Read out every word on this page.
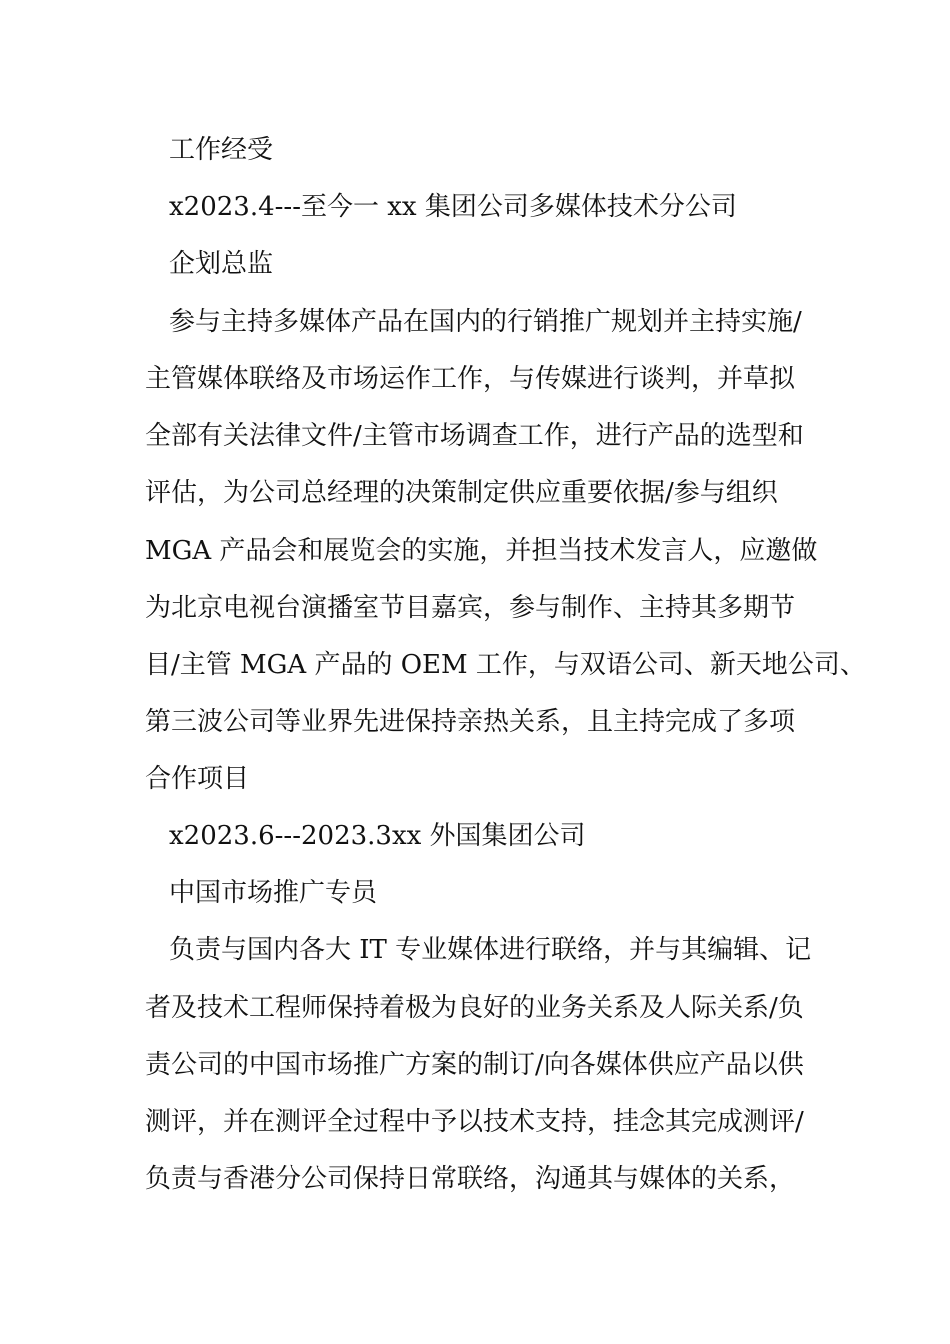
工作经受
x2023.4---至今一 xx 集团公司多媒体技术分公司
企划总监
参与主持多媒体产品在国内的行销推广规划并主持实施/
主管媒体联络及市场运作工作，与传媒进行谈判，并草拟
全部有关法律文件/主管市场调查工作，进行产品的选型和
评估，为公司总经理的决策制定供应重要依据/参与组织
MGA 产品会和展览会的实施，并担当技术发言人，应邀做
为北京电视台演播室节目嘉宾，参与制作、主持其多期节
目/主管 MGA 产品的 OEM 工作，与双语公司、新天地公司、
第三波公司等业界先进保持亲热关系，且主持完成了多项
合作项目
x2023.6---2023.3xx 外国集团公司
中国市场推广专员
负责与国内各大 IT 专业媒体进行联络，并与其编辑、记
者及技术工程师保持着极为良好的业务关系及人际关系/负
责公司的中国市场推广方案的制订/向各媒体供应产品以供
测评，并在测评全过程中予以技术支持，挂念其完成测评/
负责与香港分公司保持日常联络，沟通其与媒体的关系，
